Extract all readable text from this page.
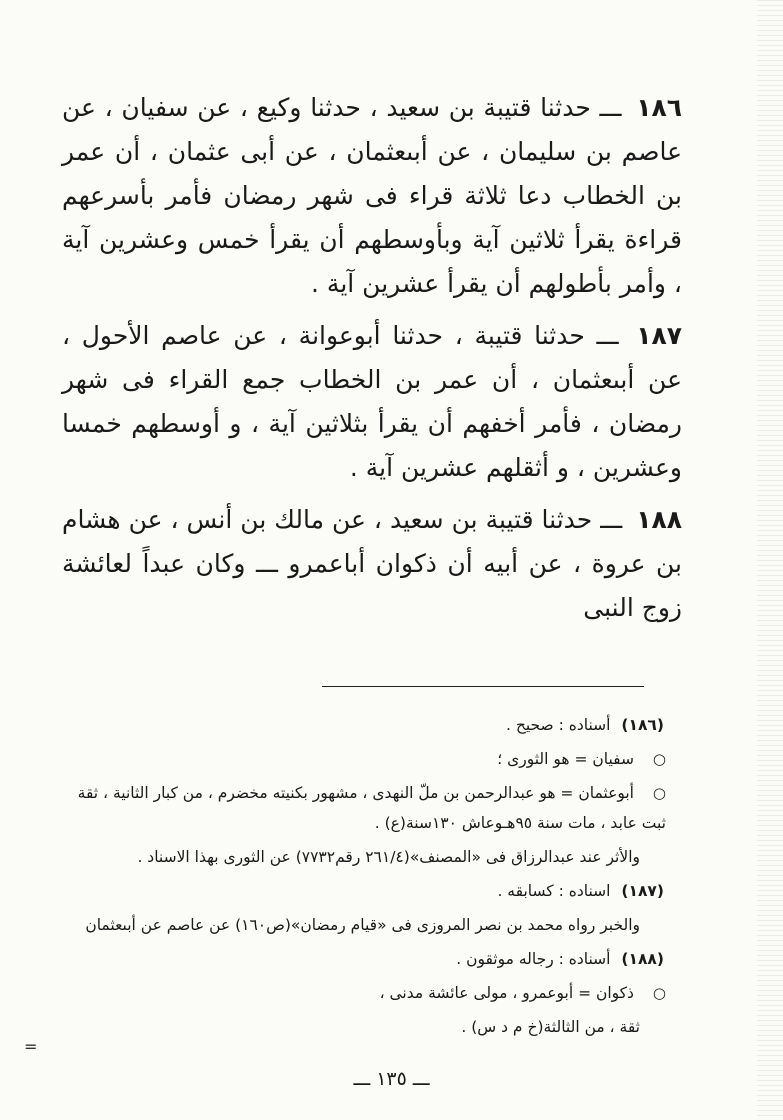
١٨٦ ـــ حدثنا قتيبة بن سعيد ، حدثنا وكيع ، عن سفيان ، عن عاصم بن سليمان ، عن أبىعثمان ، عن أبى عثمان ، أن عمر بن الخطاب دعا ثلاثة قراء فى شهر رمضان فأمر بأسرعهم قراءة يقرأ ثلاثين آية وبأوسطهم أن يقرأ خمس وعشرين آية ، وأمر بأطولهم أن يقرأ عشرين آية .

١٨٧ ـــ حدثنا قتيبة ، حدثنا أبوعوانة ، عن عاصم الأحول ، عن أبىعثمان ، أن عمر بن الخطاب جمع القراء فى شهر رمضان ، فأمر أخفهم أن يقرأ بثلاثين آية ، و أوسطهم خمسا وعشرين ، و أثقلهم عشرين آية .

١٨٨ ـــ حدثنا قتيبة بن سعيد ، عن مالك بن أنس ، عن هشام بن عروة ، عن أبيه أن ذكوان أباعمرو ـــ وكان عبداً لعائشة زوج النبى

(١٨٦) أسناده : صحيح .

○ سفيان = هو الثورى ؛

○ أبوعثمان = هو عبدالرحمن بن ملّ النهدى ، مشهور بكنيته مخضرم ، من كبار الثانية ، ثقة ثبت عابد ، مات سنة ٩٥هـوعاش ١٣٠سنة(ع) .

والأثر عند عبدالرزاق فى «المصنف»(٢٦١/٤ رقم٧٧٣٢) عن الثورى بهذا الاسناد .

(١٨٧) اسناده : كسابقه .

والخبر رواه محمد بن نصر المروزى فى «قيام رمضان»(ص١٦٠) عن عاصم عن أبىعثمان

(١٨٨) أسناده : رجاله موثقون .

○ ذكوان = أبوعمرو ، مولى عائشة مدنى ،

ثقة ، من الثالثة(خ م د س) .

=
ـــ ١٣٥ ـــ
